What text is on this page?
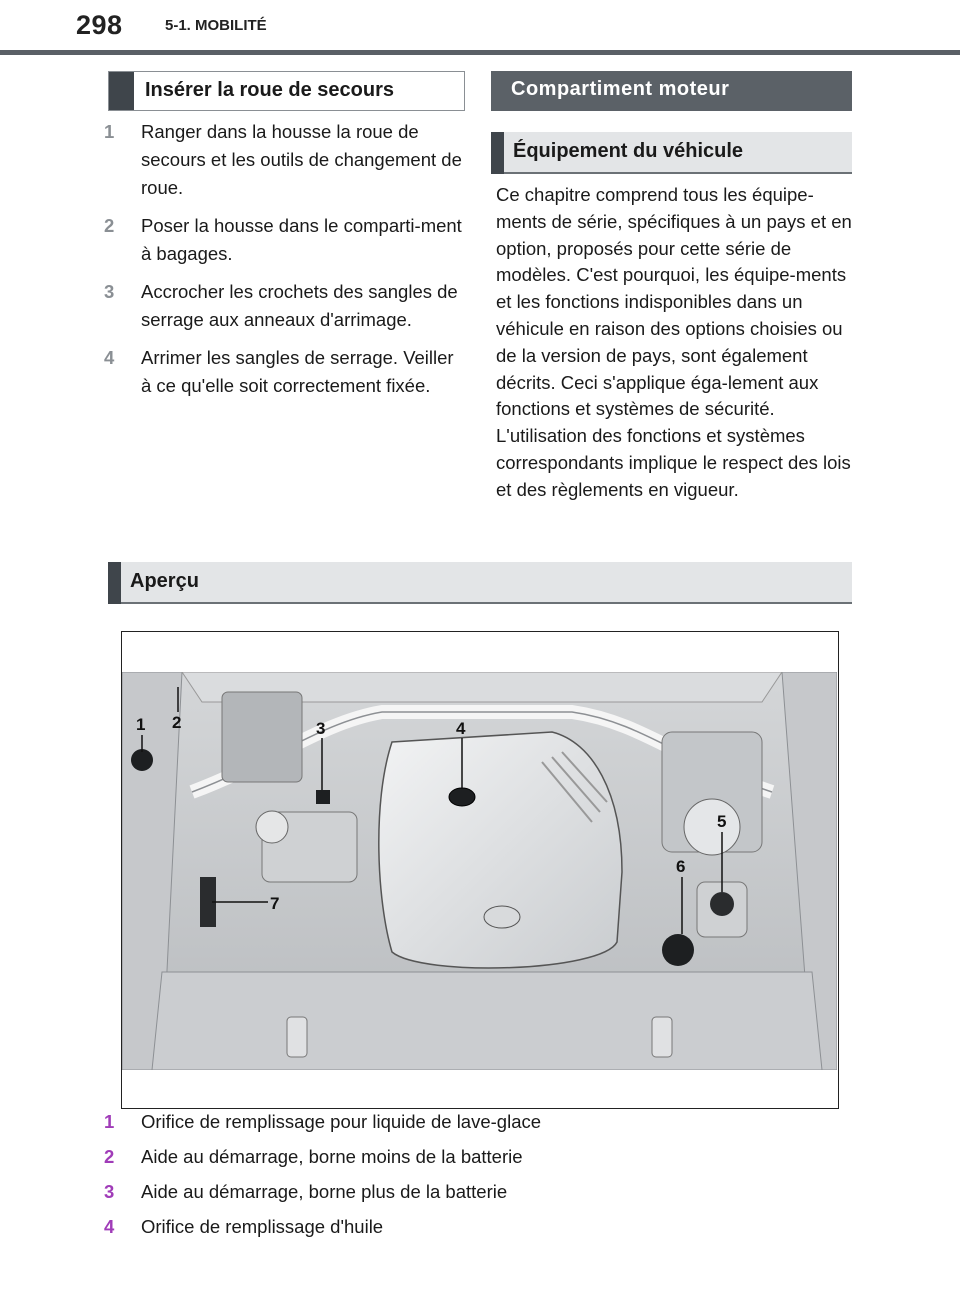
298	5-1. MOBILITÉ
Insérer la roue de secours
1 Ranger dans la housse la roue de secours et les outils de changement de roue.
2 Poser la housse dans le comparti-ment à bagages.
3 Accrocher les crochets des sangles de serrage aux anneaux d'arrimage.
4 Arrimer les sangles de serrage. Veiller à ce qu'elle soit correctement fixée.
Compartiment moteur
Équipement du véhicule

Ce chapitre comprend tous les équipe-ments de série, spécifiques à un pays et en option, proposés pour cette série de modèles. C'est pourquoi, les équipe-ments et les fonctions indisponibles dans un véhicule en raison des options choisies ou de la version de pays, sont également décrits. Ceci s'applique éga-lement aux fonctions et systèmes de sécurité. L'utilisation des fonctions et systèmes correspondants implique le respect des lois et des règlements en vigueur.

Aperçu
1 2	3	4
5
6
7
1 Orifice de remplissage pour liquide de lave-glace
2 Aide au démarrage, borne moins de la batterie
3 Aide au démarrage, borne plus de la batterie
4 Orifice de remplissage d'huile
